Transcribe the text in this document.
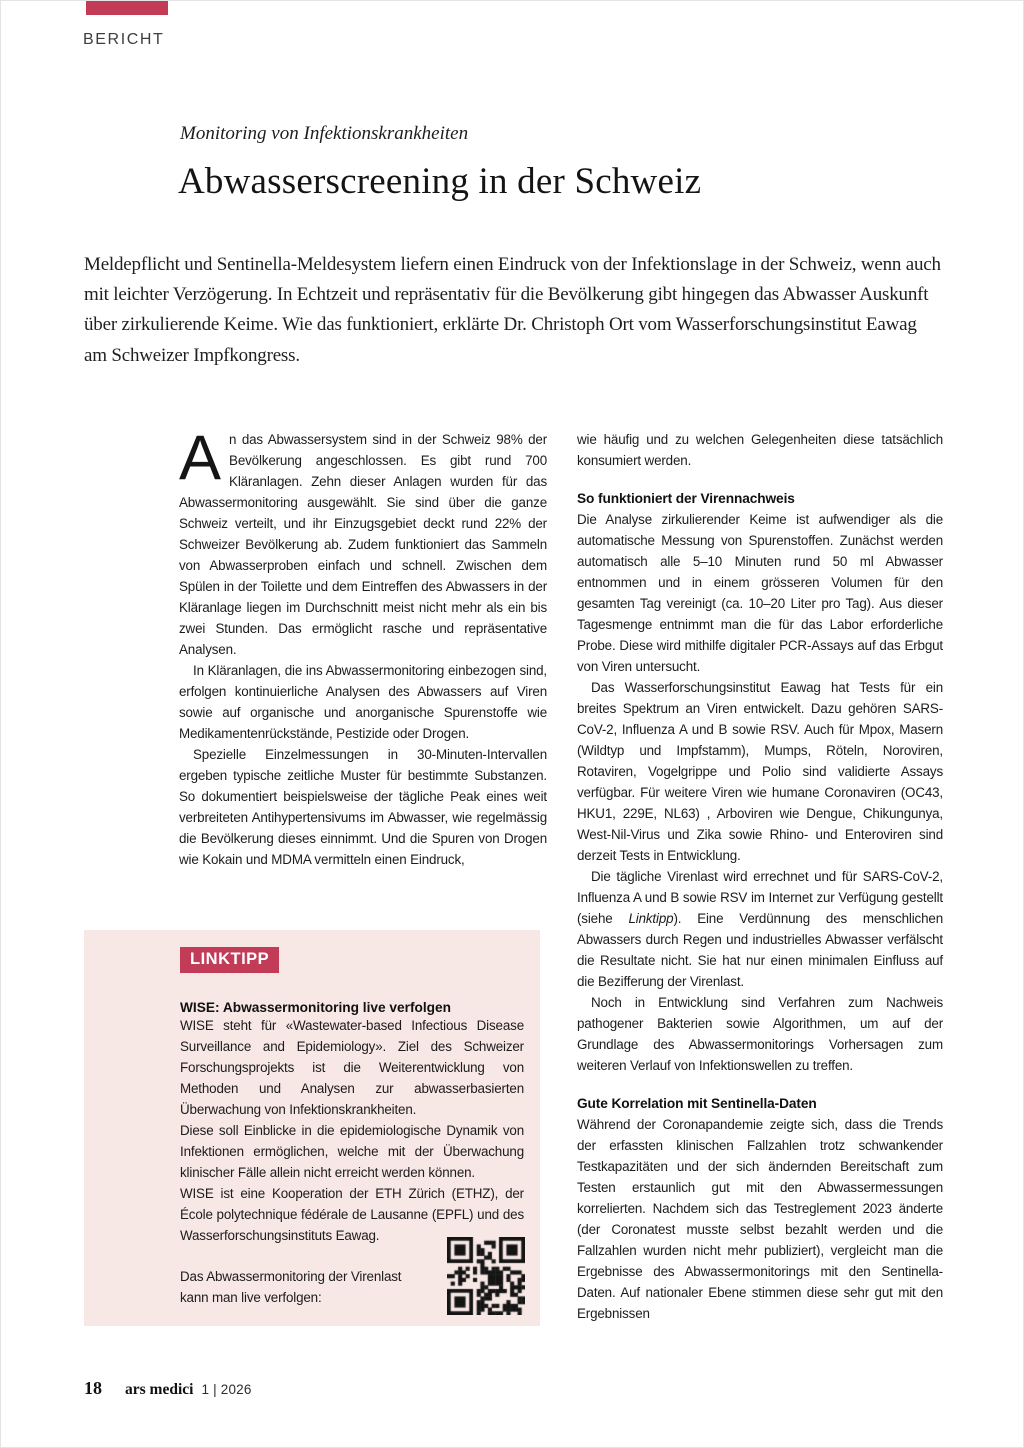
BERICHT
Monitoring von Infektionskrankheiten
Abwasserscreening in der Schweiz

Meldepflicht und Sentinella-Meldesystem liefern einen Eindruck von der Infektionslage in der Schweiz, wenn auch mit leichter Verzögerung. In Echtzeit und repräsentativ für die Bevölkerung gibt hingegen das Abwasser Auskunft über zirkulierende Keime. Wie das funktioniert, erklärte Dr. Christoph Ort vom Wasserforschungsinstitut Eawag am Schweizer Impfkongress.

An das Abwassersystem sind in der Schweiz 98% der Bevölkerung angeschlossen. Es gibt rund 700 Kläranlagen. Zehn dieser Anlagen wurden für das Abwassermonitoring ausgewählt. Sie sind über die ganze Schweiz verteilt, und ihr Einzugsgebiet deckt rund 22% der Schweizer Bevölkerung ab. Zudem funktioniert das Sammeln von Abwasserproben einfach und schnell. Zwischen dem Spülen in der Toilette und dem Eintreffen des Abwassers in der Kläranlage liegen im Durchschnitt meist nicht mehr als ein bis zwei Stunden. Das ermöglicht rasche und repräsentative Analysen.

In Kläranlagen, die ins Abwassermonitoring einbezogen sind, erfolgen kontinuierliche Analysen des Abwassers auf Viren sowie auf organische und anorganische Spurenstoffe wie Medikamentenrückstände, Pestizide oder Drogen.

Spezielle Einzelmessungen in 30-Minuten-Intervallen ergeben typische zeitliche Muster für bestimmte Substanzen. So dokumentiert beispielsweise der tägliche Peak eines weit verbreiteten Antihypertensivums im Abwasser, wie regelmässig die Bevölkerung dieses einnimmt. Und die Spuren von Drogen wie Kokain und MDMA vermitteln einen Eindruck,

wie häufig und zu welchen Gelegenheiten diese tatsächlich konsumiert werden.

So funktioniert der Virennachweis

Die Analyse zirkulierender Keime ist aufwendiger als die automatische Messung von Spurenstoffen. Zunächst werden automatisch alle 5–10 Minuten rund 50 ml Abwasser entnommen und in einem grösseren Volumen für den gesamten Tag vereinigt (ca. 10–20 Liter pro Tag). Aus dieser Tagesmenge entnimmt man die für das Labor erforderliche Probe. Diese wird mithilfe digitaler PCR-Assays auf das Erbgut von Viren untersucht.

Das Wasserforschungsinstitut Eawag hat Tests für ein breites Spektrum an Viren entwickelt. Dazu gehören SARS-CoV-2, Influenza A und B sowie RSV. Auch für Mpox, Masern (Wildtyp und Impfstamm), Mumps, Röteln, Noroviren, Rotaviren, Vogelgrippe und Polio sind validierte Assays verfügbar. Für weitere Viren wie humane Coronaviren (OC43, HKU1, 229E, NL63) , Arboviren wie Dengue, Chikungunya, West-Nil-Virus und Zika sowie Rhino- und Enteroviren sind derzeit Tests in Entwicklung.

Die tägliche Virenlast wird errechnet und für SARS-CoV-2, Influenza A und B sowie RSV im Internet zur Verfügung gestellt (siehe Linktipp). Eine Verdünnung des menschlichen Abwassers durch Regen und industrielles Abwasser verfälscht die Resultate nicht. Sie hat nur einen minimalen Einfluss auf die Bezifferung der Virenlast.

Noch in Entwicklung sind Verfahren zum Nachweis pathogener Bakterien sowie Algorithmen, um auf der Grundlage des Abwassermonitorings Vorhersagen zum weiteren Verlauf von Infektionswellen zu treffen.

Gute Korrelation mit Sentinella-Daten

Während der Coronapandemie zeigte sich, dass die Trends der erfassten klinischen Fallzahlen trotz schwankender Testkapazitäten und der sich ändernden Bereitschaft zum Testen erstaunlich gut mit den Abwassermessungen korrelierten. Nachdem sich das Testreglement 2023 änderte (der Coronatest musste selbst bezahlt werden und die Fallzahlen wurden nicht mehr publiziert), vergleicht man die Ergebnisse des Abwassermonitorings mit den Sentinella-Daten. Auf nationaler Ebene stimmen diese sehr gut mit den Ergebnissen

LINKTIPP

WISE: Abwassermonitoring live verfolgen

WISE steht für «Wastewater-based Infectious Disease Surveillance and Epidemiology». Ziel des Schweizer Forschungsprojekts ist die Weiterentwicklung von Methoden und Analysen zur abwasserbasierten Überwachung von Infektionskrankheiten.

Diese soll Einblicke in die epidemiologische Dynamik von Infektionen ermöglichen, welche mit der Überwachung klinischer Fälle allein nicht erreicht werden können.

WISE ist eine Kooperation der ETH Zürich (ETHZ), der École polytechnique fédérale de Lausanne (EPFL) und des Wasserforschungsinstituts Eawag.

Das Abwassermonitoring der Virenlast kann man live verfolgen:

18 ars medici 1 | 2026
